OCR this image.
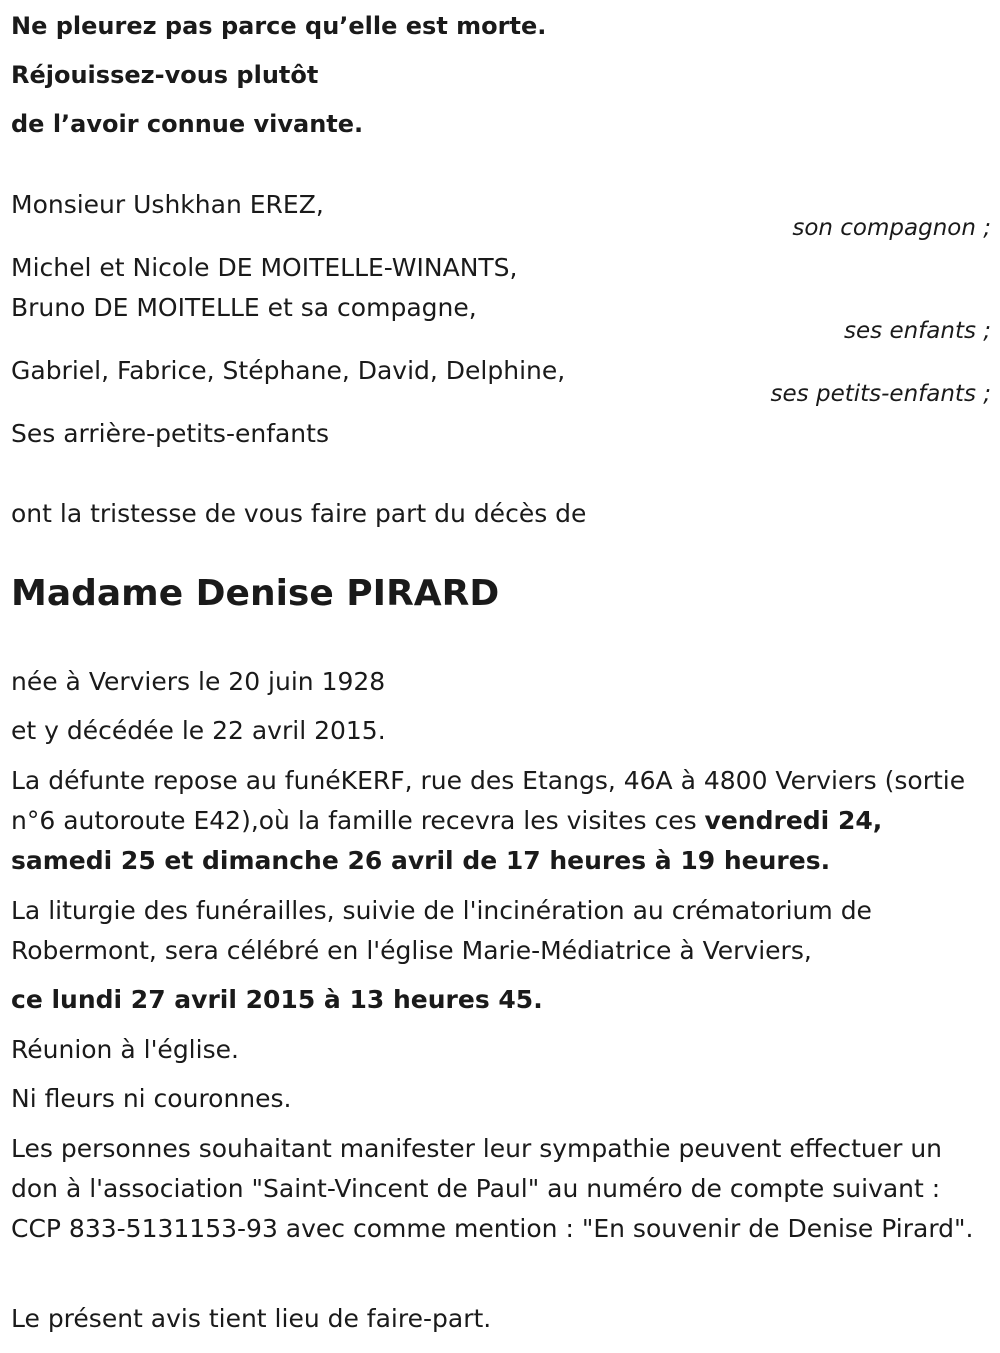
Ne pleurez pas parce qu’elle est morte.
Réjouissez-vous plutôt
de l’avoir connue vivante.
Monsieur Ushkhan EREZ,
son compagnon ;
Michel et Nicole DE MOITELLE-WINANTS,
Bruno DE MOITELLE et sa compagne,
ses enfants ;
Gabriel, Fabrice, Stéphane, David, Delphine,
ses petits-enfants ;
Ses arrière-petits-enfants
ont la tristesse de vous faire part du décès de
Madame Denise PIRARD
née à Verviers le 20 juin 1928
et y décédée le 22 avril 2015.
La défunte repose au funéKERF, rue des Etangs, 46A à 4800 Verviers (sortie n°6 autoroute E42),où la famille recevra les visites ces vendredi 24, samedi 25 et dimanche 26 avril de 17 heures à 19 heures.
La liturgie des funérailles, suivie de l'incinération au crématorium de Robermont, sera célébré en l'église Marie-Médiatrice à Verviers,
ce lundi 27 avril 2015 à 13 heures 45.
Réunion à l'église.
Ni fleurs ni couronnes.
Les personnes souhaitant manifester leur sympathie peuvent effectuer un don à l'association "Saint-Vincent de Paul" au numéro de compte suivant : CCP 833-5131153-93 avec comme mention : "En souvenir de Denise Pirard".
Le présent avis tient lieu de faire-part.
